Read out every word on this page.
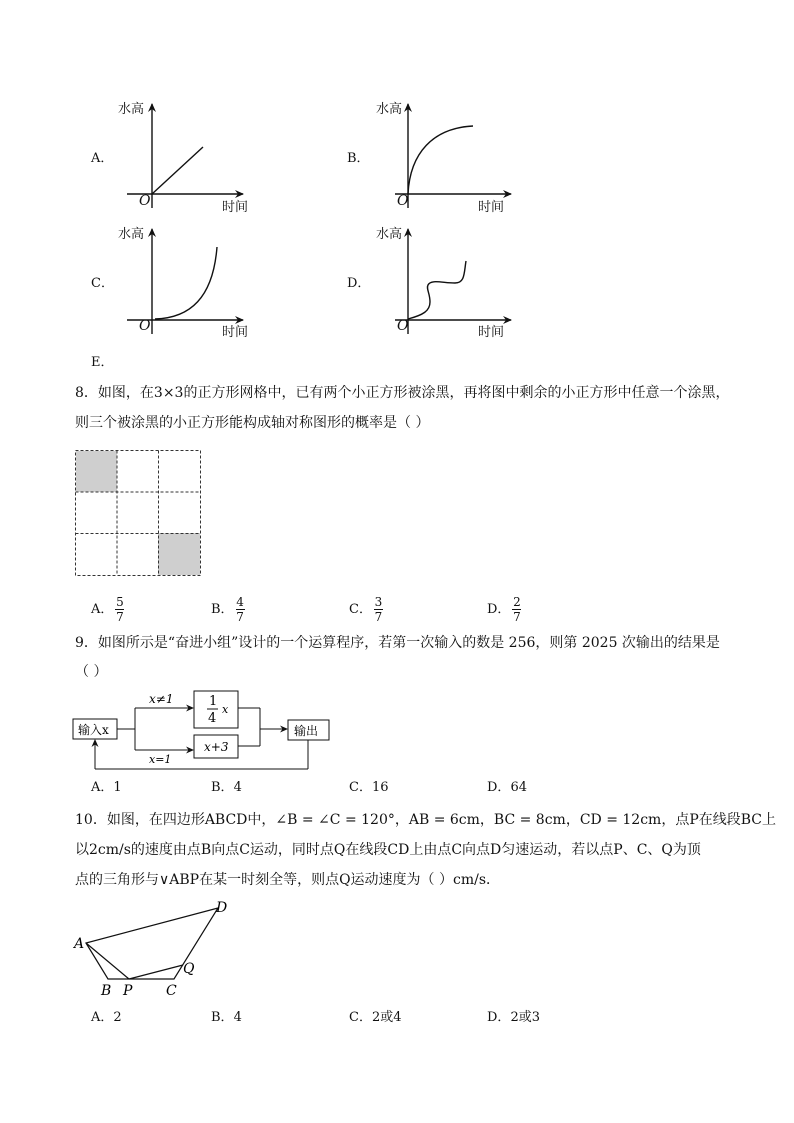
A．
水高
O	时间
B．
水高
O	时间
C．
水高
O	时间
D．
水高
O	时间
E．
8．如图，在3×3的正方形网格中，已有两个小正方形被涂黑，再将图中剩余的小正方形中任意一个涂黑，
则三个被涂黑的小正方形能构成轴对称图形的概率是（ ）
A． $\frac{5}{7}$	B． $\frac{4}{7}$	C． $\frac{3}{7}$	D． $\frac{2}{7}$
9．如图所示是“奋进小组”设计的一个运算程序，若第一次输入的数是 256，则第 2025 次输出的结果是
（ ）
输入x	输出
x≠1
x=1
1
4
x
x+3
A．1	B．4	C．16	D．64
10．如图，在四边形ABCD中，∠B = ∠C = 120°，AB = 6cm，BC = 8cm，CD = 12cm，点P在线段BC上
以2cm/s的速度由点B向点C运动，同时点Q在线段CD上由点C向点D匀速运动，若以点P、C、Q为顶
点的三角形与∨ABP在某一时刻全等，则点Q运动速度为（ ）cm/s．
A
B P C
Q
D
A．2	B．4	C．2或4	D．2或3
